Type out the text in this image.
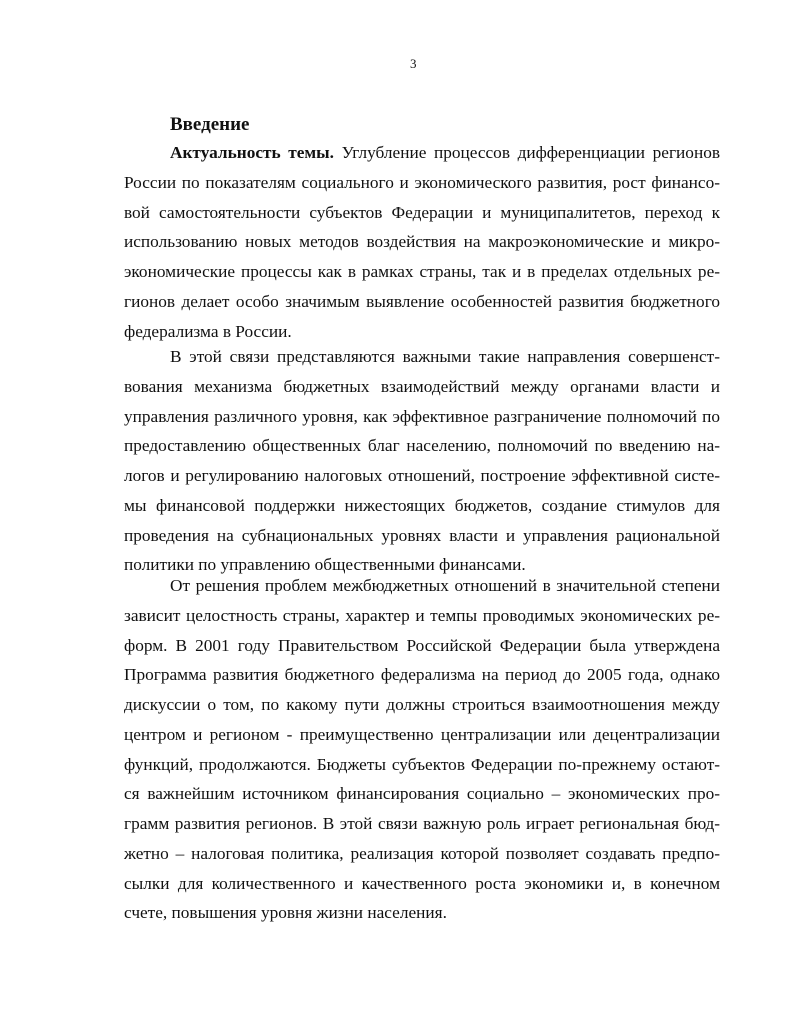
3
Введение
Актуальность темы. Углубление процессов дифференциации регионов
России по показателям социального и экономического развития, рост финансо-
вой самостоятельности субъектов Федерации и муниципалитетов, переход к
использованию новых методов воздействия на макроэкономические и микро-
экономические процессы как в рамках страны, так и в пределах отдельных ре-
гионов делает особо значимым выявление особенностей развития бюджетного
федерализма в России.
В этой связи представляются важными такие направления совершенст-
вования механизма бюджетных взаимодействий между органами власти и
управления различного уровня, как эффективное разграничение полномочий по
предоставлению общественных благ населению, полномочий по введению на-
логов и регулированию налоговых отношений, построение эффективной систе-
мы финансовой поддержки нижестоящих бюджетов, создание стимулов для
проведения на субнациональных уровнях власти и управления рациональной
политики по управлению общественными финансами.
От решения проблем межбюджетных отношений в значительной степени
зависит целостность страны, характер и темпы проводимых экономических ре-
форм. В 2001 году Правительством Российской Федерации была утверждена
Программа развития бюджетного федерализма на период до 2005 года, однако
дискуссии о том, по какому пути должны строиться взаимоотношения между
центром и регионом - преимущественно централизации или децентрализации
функций, продолжаются. Бюджеты субъектов Федерации по-прежнему остают-
ся важнейшим источником финансирования социально – экономических про-
грамм развития регионов. В этой связи важную роль играет региональная бюд-
жетно – налоговая политика, реализация которой позволяет создавать предпо-
сылки для количественного и качественного роста экономики и, в конечном
счете, повышения уровня жизни населения.
